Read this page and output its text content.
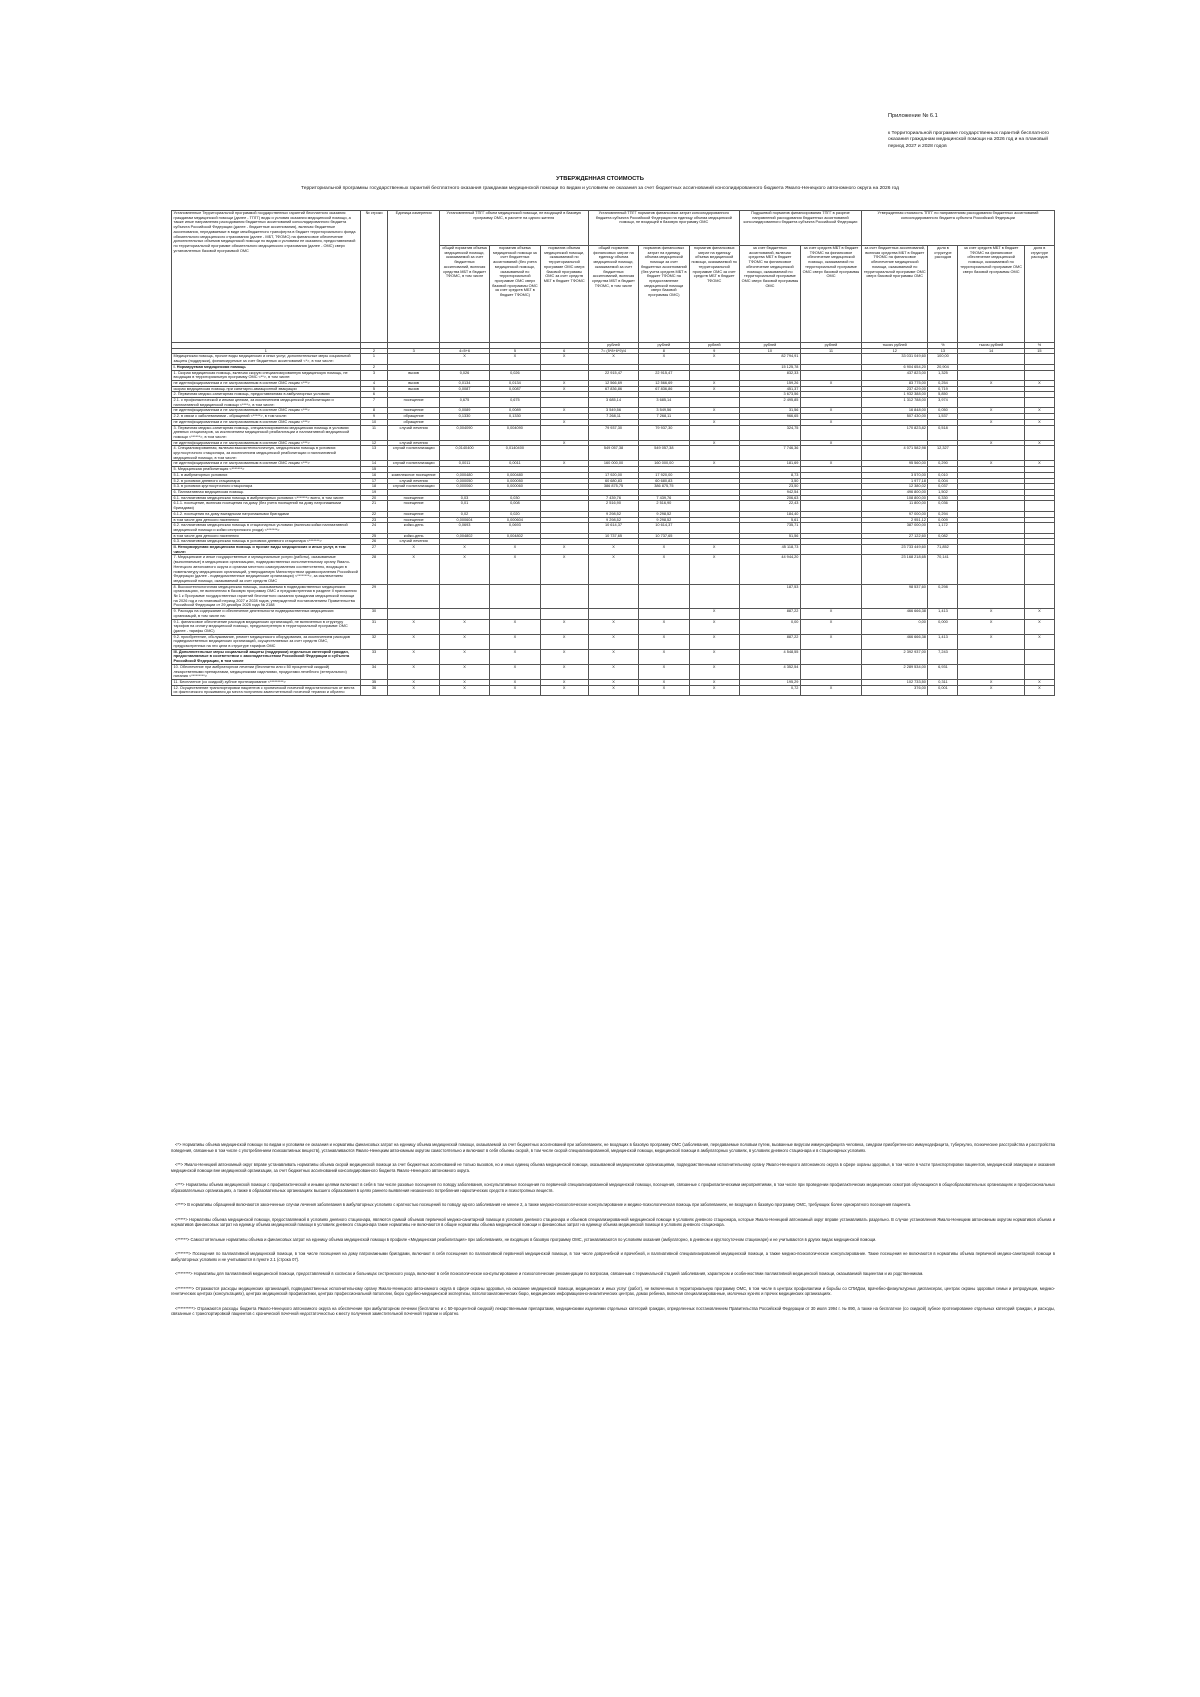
Приложение № 6.1
к Территориальной программе государственных гарантий бесплатного оказания гражданам медицинской помощи на 2026 год и на плановый период 2027 и 2028 годов
УТВЕРЖДЕННАЯ СТОИМОСТЬ
Территориальной программы государственных гарантий бесплатного оказания гражданам медицинской помощи по видам и условиям ее оказания за счет бюджетных ассигнований консолидированного бюджета Ямало-Ненецкого автономного округа на 2026 год
Установленные Территориальной программой государственных гарантий бесплатного оказания гражданам медицинской помощи (далее - ТПГГ) виды и условия оказания медицинской помощи, а также иные направления расходования бюджетных ассигнований консолидированного бюджета субъекта Российской Федерации (далее - бюджетные ассигнования), включая бюджетные ассигнования, передаваемые в виде межбюджетного трансферта в бюджет территориального фонда обязательного медицинского страхования (далее - МБТ, ТФОМС) на финансовое обеспечение дополнительных объемов медицинской помощи по видам и условиям ее оказания, предоставляемой по территориальной программе обязательного медицинского страхования (далее - ОМС) сверх установленных базовой программой ОМС	№ строки	Единица измерения	Установленный ТПГГ объем медицинской помощи, не входящей в базовую программу ОМС, в расчете на одного жителя			Установленный ТПГГ норматив финансовых затрат консолидированного бюджета субъекта Российской Федерации на единицу объема медицинской помощи, не входящей в базовую программу ОМС			Подушевой норматив финансирования ТПГГ в разрезе направлений расходования бюджетных ассигнований консолидированного бюджета субъекта Российской Федерации		Утвержденная стоимость ТПГГ по направлениям расходования бюджетных ассигнований консолидированного бюджета субъекта Российской Федерации			
			общий норматив объема медицинской помощи, оказываемой за счет бюджетных ассигнований, включая средства МБТ в бюджет ТФОМС, в том числе	норматив объема медицинской помощи за счет бюджетных ассигнований (без учета медицинской помощи, оказываемой по территориальной программе ОМС сверх базовой программы ОМС за счет средств МБТ в бюджет ТФОМС)	норматив объема медицинской помощи, оказываемой по территориальной программе ОМС сверх базовой программы ОМС за счет средств МБТ в бюджет ТФОМС	общий норматив финансовых затрат на единицу объема медицинской помощи, оказываемой за счет бюджетных ассигнований, включая средства МБТ в бюджет ТФОМС, в том числе	норматив финансовых затрат на единицу объема медицинской помощи за счет бюджетных ассигнований (без учета средств МБТ в бюджет ТФОМС на предоставление медицинской помощи сверх базовой программы ОМС)	норматив финансовых затрат на единицу объема медицинской помощи, оказываемой по территориальной программе ОМС за счет средств МБТ в бюджет ТФОМС	за счет бюджетных ассигнований, включая средства МБТ в бюджет ТФОМС на финансовое обеспечение медицинской помощи, оказываемой по территориальной программе ОМС сверх базовой программы ОМС	за счет средств МБТ в бюджет ТФОМС на финансовое обеспечение медицинской помощи, оказываемой по территориальной программе ОМС сверх базовой программы ОМС	за счет бюджетных ассигнований, включая средства МБТ в бюджет ТФОМС на финансовое обеспечение медицинской помощи, оказываемой по территориальной программе ОМС сверх базовой программы ОМС	доля в структуре расходов	за счет средств МБТ в бюджет ТФОМС на финансовое обеспечение медицинской помощи, оказываемой по территориальной программе ОМС сверх базовой программы ОМС	доля в структуре расходов
						рублей	рублей	рублей	рублей	рублей	тысяч рублей	%	тысяч рублей	%
1	2	3	4=5+6	5	6	7= (5*8+6*9)/4	8	9	10	11	12	13	14	15
Медицинская помощь, прочие виды медицинских и иных услуг, дополнительные меры социальной защиты (поддержки), финансируемые за счет бюджетных ассигнований <*>, в том числе:	1		Х	Х	Х	Х	Х	Х	82 794,91		33 031 049,60	100,00		
I. Нормируемая медицинская помощь	2								15 125,78		6 904 654,20	20,904		
1. Скорая медицинская помощь, включая скорую специализированную медицинскую помощь, не входящая в территориальную программу ОМС <**>, в том числе:	3	вызов	0,026	0,026		22 915,47	22 915,47		832,33		437 823,00	1,325		
не идентифицированным и не застрахованным в системе ОМС лицам <***>	4	вызов	0,0134	0,0134	Х	12 566,69	12 566,69	Х	159,26	Х	83 775,00	0,254	Х	Х
скорая медицинская помощь при санитарно-авиационной эвакуации	5	вызов	0,0087	0,0087	Х	67 836,86	67 836,86	Х	451,37		237 429,00	0,719		
2. Первичная медико-санитарная помощь, предоставляемая в амбулаторных условиях	6								3 673,56		1 932 388,00	5,850		
2.1. с профилактической и иными целями, за исключением медицинской реабилитации и паллиативной медицинской помощи <****>, в том числе:	7	посещение	0,675	0,675		3 685,14	3 685,14		2 495,85		1 312 788,00	3,974		
не идентифицированным и не застрахованным в системе ОМС лицам <***>	8	посещение	0,0089	0,0089	Х	3 549,56	3 549,56	Х	31,56	Х	16 848,00	0,050	Х	Х
2.2. в связи с заболеваниями - обращений <*****>, в том числе:	9	обращение	0,1330	0,1330		7 268,11	7 268,11		966,65		507 430,00	1,537		
не идентифицированным и не застрахованным в системе ОМС лицам <***>	10	обращение			Х			Х		Х			Х	Х
3. Первичная медико-санитарная помощь, специализированная медицинская помощь в условиях дневных стационаров, за исключением медицинской реабилитации и паллиативной медицинской помощи <******>, в том числе:	11	случай лечения	0,004090	0,004090		79 937,30	79 937,30		324,75		170 823,82	0,518		
не идентифицированным и не застрахованным в системе ОМС лицам <***>	12	случай лечения			Х			Х		Х			Х	Х
4. Специализированная, включая высокотехнологичную, медицинская помощь в условиях круглосуточного стационара, за исключением медицинской реабилитации и паллиативной медицинской помощи, в том числе:	13	случай госпитализации	0,0140400	0,0140400		549 057,38	549 057,38		7 746,36		4 071 582,98	12,327		
не идентифицированным и не застрахованным в системе ОМС лицам <***>	14	случай госпитализации	0,0011	0,0011	Х	160 000,00	160 000,00	Х	181,69	Х	95 560,00	0,290	Х	Х
5. Медицинская реабилитация <*******>	15													
5.1. в амбулаторных условиях	16	комплексное посещение	0,000480	0,000480		17 920,00	17 920,00		8,73		3 570,00	0,010		
5.2. в условиях дневного стационара	17	случай лечения	0,000050	0,000050		60 680,83	60 680,83		3,50		1 977,18	0,004		
5.3. в условиях круглосуточного стационара	18	случай госпитализации	0,000060	0,000060		386 875,75	386 875,75		23,50		12 380,02	0,037		
6. Паллиативная медицинская помощь	19								942,54		496 800,00	1,502		
6.1. паллиативная медицинская помощь в амбулаторных условиях <*******> всего, в том числе:	20	посещение	0,03	0,030		7 439,76	7 439,76		206,63		108 800,00	0,330		
6.1.1. посещение, включая посещения на дому (без учета посещений на дому патронажными бригадами)	21	посещение	0,01	0,008		2 516,90	2 516,90		22,43		11 800,00	0,036		
6.1.2. посещения на дому выездными патронажными бригадами	22	посещение	0,02	0,020		9 298,52	9 298,52		184,40		97 000,00	0,294		
в том числе для детского населения	23	посещение	0,000604	0,000604		9 298,52	9 298,52		5,61		2 951,12	0,009		
6.2. паллиативная медицинская помощь в стационарных условиях (включая койки паллиативной медицинской помощи и койки сестринского ухода) <*******>	24	койко-день	0,0693	0,0693		10 614,37	10 614,37		735,71		387 000,00	1,172		
в том числе для детского населения	25	койко-день	0,004802	0,004802		10 737,65	10 737,65		51,56		27 122,60	0,082		
6.3. паллиативная медицинская помощь в условиях дневного стационара <*******>	26	случай лечения												
II. Ненормируемая медицинская помощь и прочие виды медицинских и иных услуг, в том числе:	27	Х	Х	Х	Х	Х	Х	Х	45 118,73		23 733 449,60	71,852		
7. Медицинские и иные государственные и муниципальные услуги (работы), оказываемые (выполняемые) в медицинских организациях, подведомственных исполнительному органу Ямало-Ненецкого автономного округа и органам местного самоуправления соответственно, входящих в номенклатуру медицинских организаций, утверждаемую Министерством здравоохранения Российской Федерации (далее - подведомственные медицинские организации) <********>, за исключением медицинской помощи, оказываемой за счет средств ОМС	28	Х	Х	Х	Х	Х	Х	Х	44 944,20		23 168 218,65	70,141		
8. Высокотехнологичная медицинская помощь, оказываемая в подведомственных медицинских организациях, не включенная в базовую программу ОМС и предусмотренная в разделе II приложения № 1 к Программе государственных гарантий бесплатного оказания гражданам медицинской помощи на 2026 год и на плановый период 2027 и 2028 годов, утвержденной постановлением Правительства Российской Федерации от 29 декабря 2025 года № 2188	29								187,53		98 537,60	0,298		
9. Расходы на содержание и обеспечение деятельности подведомственных медицинских организаций, в том числе на:	30							Х	887,22	Х	466 666,38	1,413	Х	Х
9.1. финансовое обеспечение расходов медицинских организаций, не включенных в структуру тарифов на оплату медицинской помощи, предусмотренную в территориальной программе ОМС (далее - тарифы ОМС)	31	Х	Х	Х	Х	Х	Х	Х	0,00	Х	0,00	0,000	Х	Х
9.2. приобретение, обслуживание, ремонт медицинского оборудования, за исключением расходов подведомственных медицинских организаций, осуществляемых за счет средств ОМС, предусмотренных на эти цели в структуре тарифов ОМС	32	Х	Х	Х	Х	Х	Х	Х	887,22	Х	466 666,38	1,413	Х	Х
III. Дополнительные меры социальной защиты (поддержки) отдельных категорий граждан, предоставляемые в соответствии с законодательством Российской Федерации и субъекта Российской Федерации, в том числе	33	Х	Х	Х	Х	Х	Х	Х	4 548,55		2 392 937,00	7,243		
10. Обеспечение при амбулаторном лечении (бесплатно или с 50 процентной скидкой) лекарственными препаратами, медицинскими изделиями, продуктами лечебного (энтерального) питания <*********>	34	Х	Х	Х	Х	Х	Х	Х	4 352,54		2 289 534,00	6,931		
11. Бесплатное (со скидкой) зубное протезирование <*********>	35	Х	Х	Х	Х	Х	Х	Х	195,29		102 733,50	0,311	Х	Х
12. Осуществление транспортировки пациентов с хронической почечной недостаточностью от места их фактического проживания до места получения заместительной почечной терапии и обратно	36	Х	Х	Х	Х	Х	Х	Х	0,72	Х	376,00	0,001	Х	Х

<*> Нормативы объема медицинской помощи по видам и условиям ее оказания и нормативы финансовых затрат на единицу объема медицинской помощи, оказываемой за счет бюджетных ассигнований при заболеваниях, не входящих в базовую программу ОМС (заболевания, передаваемые половым путем, вызванные вирусом иммунодефицита человека, синдром приобретенного иммунодефицита, туберкулез, психические расстройства и расстройства поведения, связанные в том числе с употреблением психоактивных веществ), устанавливаются Ямало-Ненецким автономным округом самостоятельно и включают в себя объемы скорой, в том числе скорой специализированной, медицинской помощи, медицинской помощи в амбулаторных условиях, в условиях дневного стационара и в стационарных условиях.

<**> Ямало-Ненецкий автономный округ вправе устанавливать нормативы объема скорой медицинской помощи за счет бюджетных ассигнований не только вызовов, но и иных единиц объема медицинской помощи, оказываемой медицинскими организациями, подведомственными исполнительному органу Ямало-Ненецкого автономного округа в сфере охраны здоровья, в том числе в части транспортировки пациентов, медицинской эвакуации и оказания медицинской помощи вне медицинской организации, за счет бюджетных ассигнований консолидированного бюджета Ямало-Ненецкого автономного округа.

<***> Нормативы объема медицинской помощи с профилактической и иными целями включают в себя в том числе разовые посещения по поводу заболевания, консультативные посещения по первичной специализированной медицинской помощи, посещения, связанные с профилактическими мероприятиями, в том числе при проведении профилактических медицинских осмотров обучающихся в общеобразовательных организациях и профессиональных образовательных организациях, а также в образовательных организациях высшего образования в целях раннего выявления незаконного потребления наркотических средств и психотропных веществ.

<****> В нормативы обращений включаются законченные случаи лечения заболевания в амбулаторных условиях с кратностью посещений по поводу одного заболевания не менее 2, а также медико-психологическое консультирование и медико-психологическая помощь при заболеваниях, не входящих в базовую программу ОМС, требующих более однократного посещения пациента.

<*****> Нормативы объема медицинской помощи, предоставляемой в условиях дневного стационара, являются суммой объемов первичной медико-санитарной помощи в условиях дневного стационара и объемов специализированной медицинской помощи в условиях дневного стационара, которые Ямало-Ненецкий автономный округ вправе устанавливать раздельно. В случае установления Ямало-Ненецким автономным округом нормативов объема и нормативов финансовых затрат на единицу объема медицинской помощи в условиях дневного стационара такие нормативы не включаются в общие нормативы объема медицинской помощи и финансовых затрат на единицу объема медицинской помощи в условиях дневного стационара.

<******> Самостоятельные нормативы объема и финансовых затрат на единицу объема медицинской помощи в профиле «Медицинская реабилитация» при заболеваниях, не входящих в базовую программу ОМС, устанавливаются по условиям оказания (амбулаторно, в дневном и круглосуточном стационаре) и не учитываются в других видах медицинской помощи.

<*******> Посещения по паллиативной медицинской помощи, в том числе посещения на дому патронажными бригадами, включают в себя посещения по паллиативной первичной медицинской помощи, в том числе доврачебной и врачебной, и паллиативной специализированной медицинской помощи, а также медико-психологическое консультирование. Такие посещения не включаются в нормативы объема первичной медико-санитарной помощи в амбулаторных условиях и не учитываются в пункте 2.1 (строка 07).

<********> Нормативы для паллиативной медицинской помощи, предоставляемой в хосписах и больницах сестринского ухода, включают в себя психологическое консультирование и психологические рекомендации по вопросам, связанным с терминальной стадией заболевания, характером и особенностями паллиативной медицинской помощи, оказываемой пациентам и их родственникам.

<*********> Отражаются расходы медицинских организаций, подведомственных исполнительному органу Ямало-Ненецкого автономного округа в сфере охраны здоровья, на оказание медицинской помощи, медицинских и иных услуг (работ), не включенных в территориальную программу ОМС, в том числе в центрах профилактики и борьбы со СПИДом, врачебно-физкультурных диспансерах, центрах охраны здоровья семьи и репродукции, медико-генетических центрах (консультациях), центрах медицинской профилактики, центрах профессиональной патологии, бюро судебно-медицинской экспертизы, патологоанатомических бюро, медицинских информационно-аналитических центрах, домах ребенка, включая специализированные, молочных кухнях и прочих медицинских организациях.

<**********> Отражаются расходы бюджета Ямало-Ненецкого автономного округа на обеспечение при амбулаторном лечении (бесплатно и с 50-процентной скидкой) лекарственными препаратами, медицинскими изделиями отдельных категорий граждан, определенных постановлением Правительства Российской Федерации от 30 июля 1994 г. № 890, а также на бесплатное (со скидкой) зубное протезирование отдельных категорий граждан, и расходы, связанные с транспортировкой пациентов с хронической почечной недостаточностью к месту получения заместительной почечной терапии и обратно.
